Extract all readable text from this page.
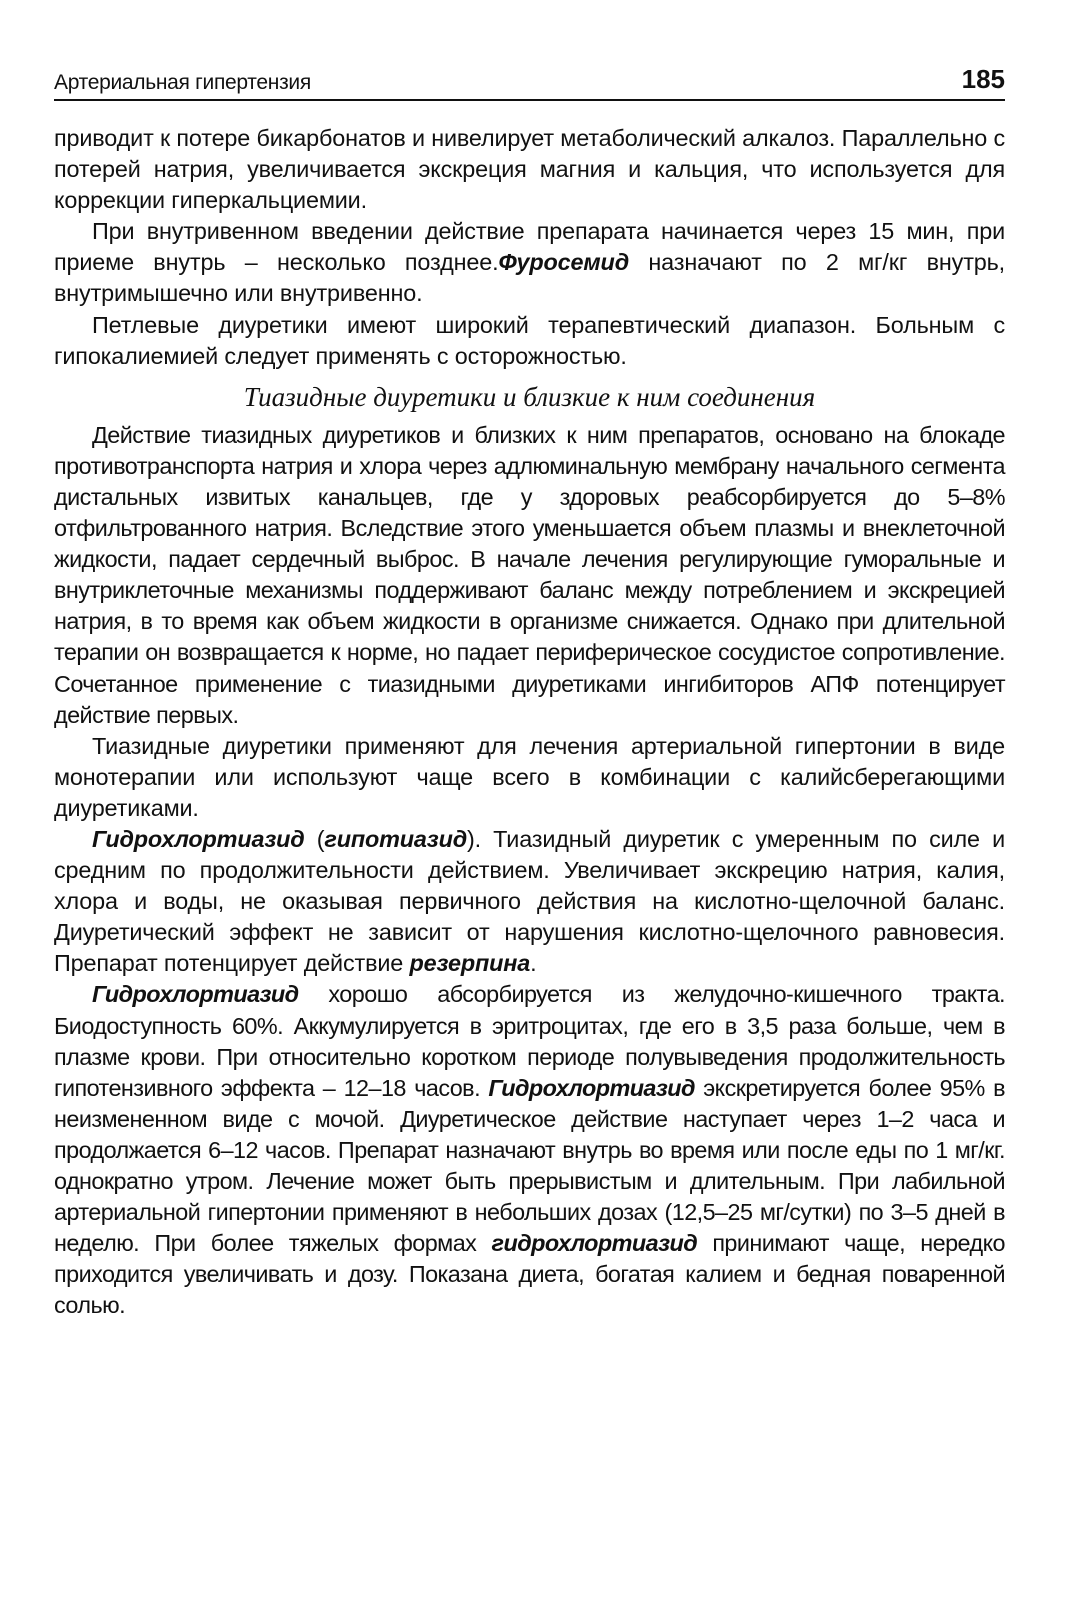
Артериальная гипертензия	185

приводит к потере бикарбонатов и нивелирует метаболический алкалоз. Параллельно с потерей натрия, увеличивается экскреция магния и кальция, что используется для коррекции гиперкальциемии.

При внутривенном введении действие препарата начинается через 15 мин, при приеме внутрь – несколько позднее.Фуросемид назначают по 2 мг/кг внутрь, внутримышечно или внутривенно.

Петлевые диуретики имеют широкий терапевтический диапазон. Больным с гипокалиемией следует применять с осторожностью.

Тиазидные диуретики и близкие к ним соединения

Действие тиазидных диуретиков и близких к ним препаратов, основано на блокаде противотранспорта натрия и хлора через адлюминальную мембрану начального сегмента дистальных извитых канальцев, где у здоровых реабсорбируется до 5–8% отфильтрованного натрия. Вследствие этого уменьшается объем плазмы и внеклеточной жидкости, падает сердечный выброс. В начале лечения регулирующие гуморальные и внутриклеточные механизмы поддерживают баланс между потреблением и экскрецией натрия, в то время как объем жидкости в организме снижается. Однако при длительной терапии он возвращается к норме, но падает периферическое сосудистое сопротивление. Сочетанное применение с тиазидными диуретиками ингибиторов АПФ потенцирует действие первых.

Тиазидные диуретики применяют для лечения артериальной гипертонии в виде монотерапии или используют чаще всего в комбинации с калийсберегающими диуретиками.

Гидрохлортиазид (гипотиазид). Тиазидный диуретик с умеренным по силе и средним по продолжительности действием. Увеличивает экскрецию натрия, калия, хлора и воды, не оказывая первичного действия на кислотно-щелочной баланс. Диуретический эффект не зависит от нарушения кислотно-щелочного равновесия. Препарат потенцирует действие резерпина.

Гидрохлортиазид хорошо абсорбируется из желудочно-кишечного тракта. Биодоступность 60%. Аккумулируется в эритроцитах, где его в 3,5 раза больше, чем в плазме крови. При относительно коротком периоде полувыведения продолжительность гипотензивного эффекта – 12–18 часов. Гидрохлортиазид экскретируется более 95% в неизмененном виде с мочой. Диуретическое действие наступает через 1–2 часа и продолжается 6–12 часов. Препарат назначают внутрь во время или после еды по 1 мг/кг. однократно утром. Лечение может быть прерывистым и длительным. При лабильной артериальной гипертонии применяют в небольших дозах (12,5–25 мг/сутки) по 3–5 дней в неделю. При более тяжелых формах гидрохлортиазид принимают чаще, нередко приходится увеличивать и дозу. Показана диета, богатая калием и бедная поваренной солью.
